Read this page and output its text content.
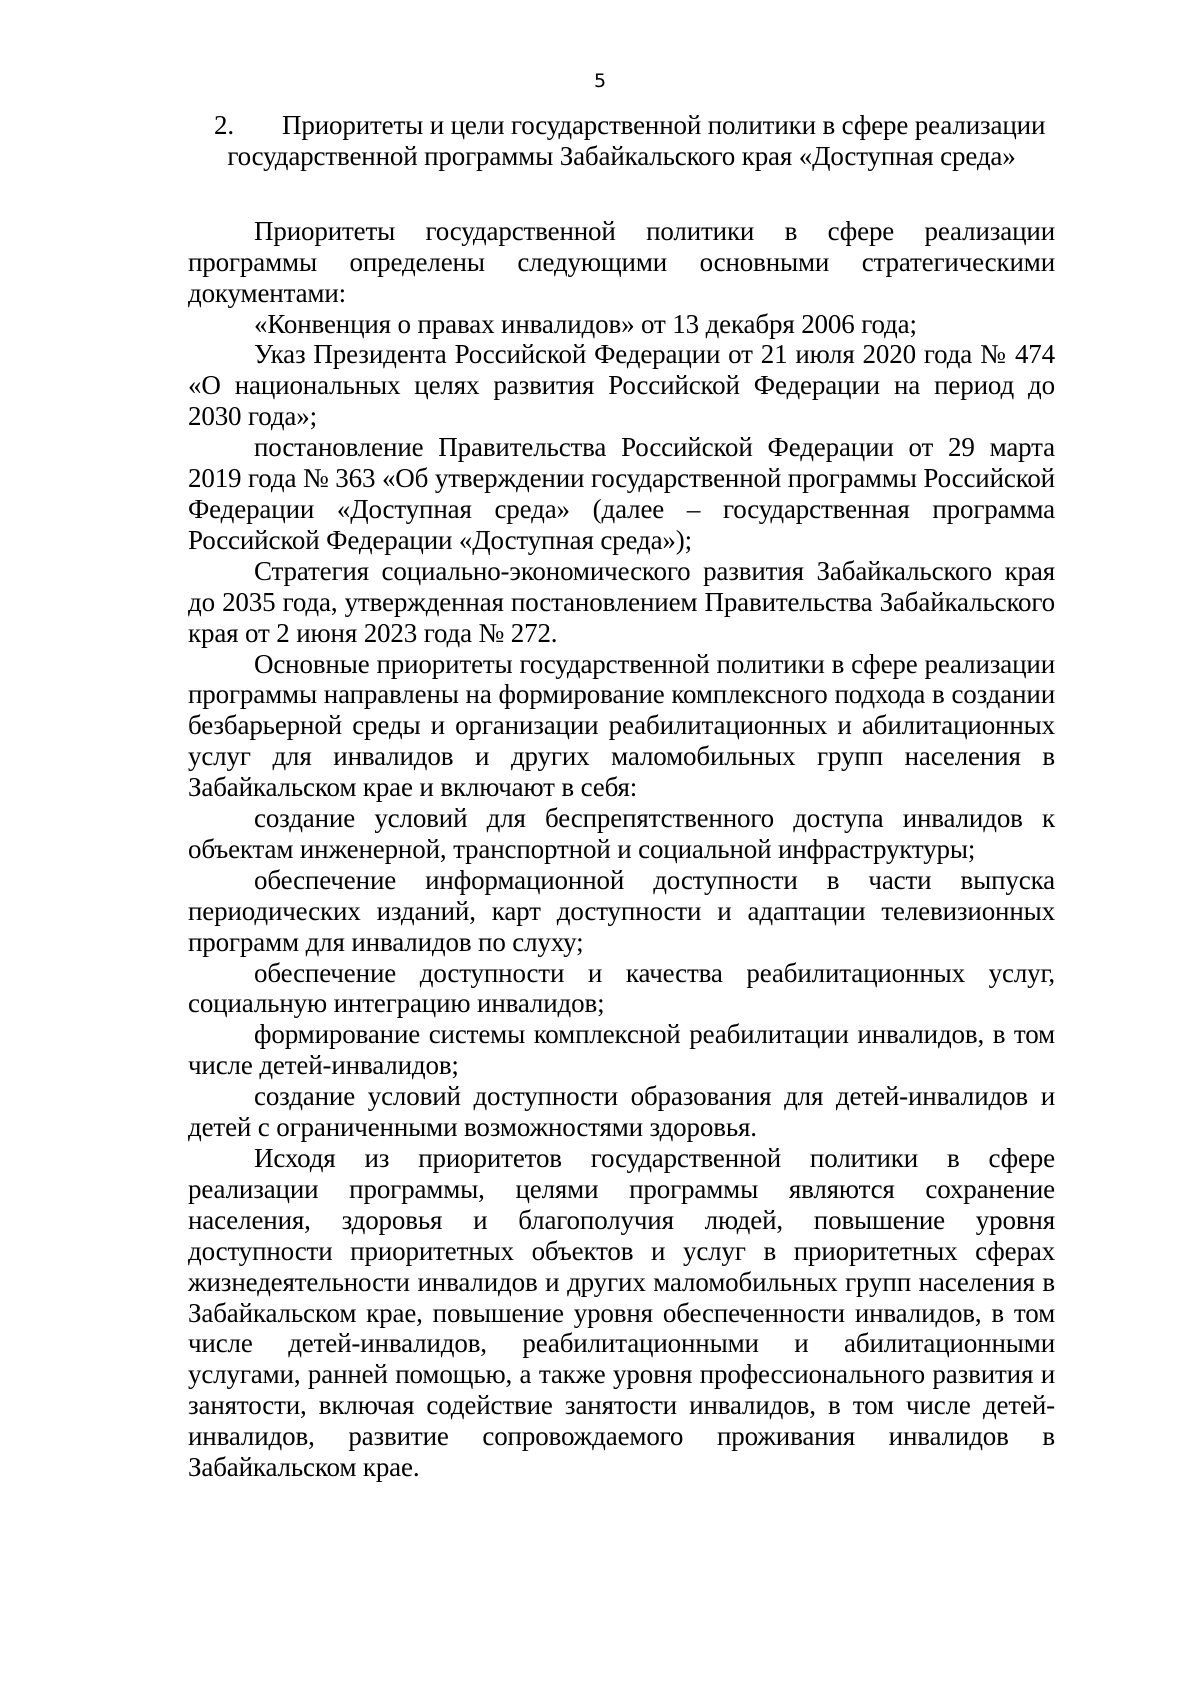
5
2. Приоритеты и цели государственной политики в сфере реализации
государственной программы Забайкальского края «Доступная среда»

Приоритеты государственной политики в сфере реализации программы определены следующими основными стратегическими документами:

«Конвенция о правах инвалидов» от 13 декабря 2006 года;

Указ Президента Российской Федерации от 21 июля 2020 года № 474 «О национальных целях развития Российской Федерации на период до 2030 года»;

постановление Правительства Российской Федерации от 29 марта 2019 года № 363 «Об утверждении государственной программы Российской Федерации «Доступная среда» (далее – государственная программа Российской Федерации «Доступная среда»);

Стратегия социально-экономического развития Забайкальского края до 2035 года, утвержденная постановлением Правительства Забайкальского края от 2 июня 2023 года № 272.

Основные приоритеты государственной политики в сфере реализации программы направлены на формирование комплексного подхода в создании безбарьерной среды и организации реабилитационных и абилитационных услуг для инвалидов и других маломобильных групп населения в Забайкальском крае и включают в себя:

создание условий для беспрепятственного доступа инвалидов к объектам инженерной, транспортной и социальной инфраструктуры;

обеспечение информационной доступности в части выпуска периодических изданий, карт доступности и адаптации телевизионных программ для инвалидов по слуху;

обеспечение доступности и качества реабилитационных услуг, социальную интеграцию инвалидов;

формирование системы комплексной реабилитации инвалидов, в том числе детей-инвалидов;

создание условий доступности образования для детей-инвалидов и детей с ограниченными возможностями здоровья.

Исходя из приоритетов государственной политики в сфере реализации программы, целями программы являются сохранение населения, здоровья и благополучия людей, повышение уровня доступности приоритетных объектов и услуг в приоритетных сферах жизнедеятельности инвалидов и других маломобильных групп населения в Забайкальском крае, повышение уровня обеспеченности инвалидов, в том числе детей-инвалидов, реабилитационными и абилитационными услугами, ранней помощью, а также уровня профессионального развития и занятости, включая содействие занятости инвалидов, в том числе детей-инвалидов, развитие сопровождаемого проживания инвалидов в Забайкальском крае.
